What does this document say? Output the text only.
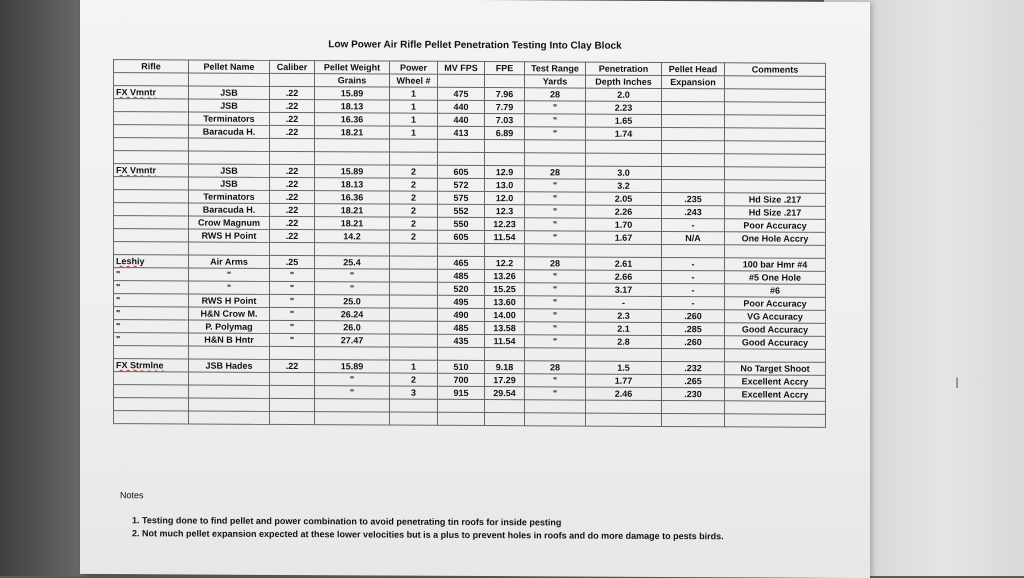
Low Power Air Rifle Pellet Penetration Testing Into Clay Block
Rifle	Pellet Name	Caliber	Pellet Weight	Power	MV FPS	FPE	Test Range	Penetration	Pellet Head	Comments
			Grains	Wheel #			Yards	Depth Inches	Expansion	
FX Vmntr	JSB	.22	15.89	1	475	7.96	28	2.0		
	JSB	.22	18.13	1	440	7.79	"	2.23		
	Terminators	.22	16.36	1	440	7.03	"	1.65		
	Baracuda H.	.22	18.21	1	413	6.89	"	1.74		

FX Vmntr	JSB	.22	15.89	2	605	12.9	28	3.0		
	JSB	.22	18.13	2	572	13.0	"	3.2		
	Terminators	.22	16.36	2	575	12.0	"	2.05	.235	Hd Size .217
	Baracuda H.	.22	18.21	2	552	12.3	"	2.26	.243	Hd Size .217
	Crow Magnum	.22	18.21	2	550	12.23	"	1.70	-	Poor Accuracy
	RWS H Point	.22	14.2	2	605	11.54	"	1.67	N/A	One Hole Accry

Leshiy	Air Arms	.25	25.4		465	12.2	28	2.61	-	100 bar Hmr #4
"	"	"	"		485	13.26	"	2.66	-	#5 One Hole
"	"	"	"		520	15.25	"	3.17	-	#6
"	RWS H Point	"	25.0		495	13.60	"	-	-	Poor Accuracy
"	H&N Crow M.	"	26.24		490	14.00	"	2.3	.260	VG Accuracy
"	P. Polymag	"	26.0		485	13.58	"	2.1	.285	Good Accuracy
"	H&N B Hntr	"	27.47		435	11.54	"	2.8	.260	Good Accuracy

FX Strmlne	JSB Hades	.22	15.89	1	510	9.18	28	1.5	.232	No Target Shoot
			"	2	700	17.29	"	1.77	.265	Excellent Accry
			"	3	915	29.54	"	2.46	.230	Excellent Accry

Notes
1. Testing done to find pellet and power combination to avoid penetrating tin roofs for inside pesting
2. Not much pellet expansion expected at these lower velocities but is a plus to prevent holes in roofs and do more damage to pests birds.
I
